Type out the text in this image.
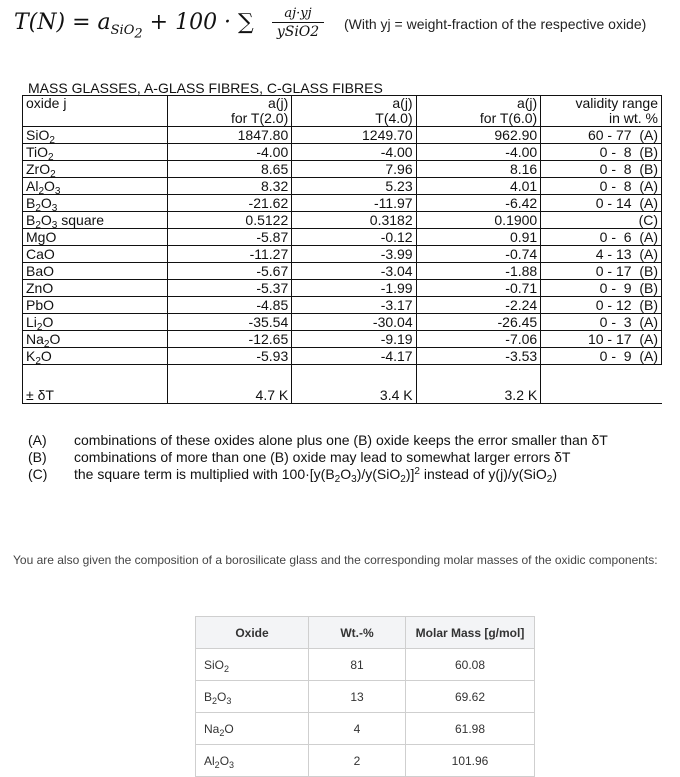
$T(N) = a_{SiO_2} + 100$ · ∑	aj·yj
ySiO2	(With yj = weight-fraction of the respective oxide)
MASS GLASSES, A-GLASS FIBRES, C-GLASS FIBRES
oxide j	a(j)	a(j)	a(j)	validity range
	for T(2.0)	T(4.0)	for T(6.0)	in wt. %
SiO$_2$	1847.80	1249.70	962.90	60 - 77  (A)
TiO$_2$	-4.00	-4.00	-4.00	0 -  8  (B)
ZrO$_2$	8.65	7.96	8.16	0 -  8  (B)
$Al_2O_3$	8.32	5.23	4.01	0 -  8  (A)
$B_2O_3$	-21.62	-11.97	-6.42	0 - 14  (A)
$B_2O_3$ square	0.5122	0.3182	0.1900	(C)
MgO	-5.87	-0.12	0.91	0 -  6  (A)
CaO	-11.27	-3.99	-0.74	4 - 13  (A)
BaO	-5.67	-3.04	-1.88	0 - 17  (B)
ZnO	-5.37	-1.99	-0.71	0 -  9  (B)
PbO	-4.85	-3.17	-2.24	0 - 12  (B)
$Li_2O$	-35.54	-30.04	-26.45	0 -  3  (A)
$Na_2O$	-12.65	-9.19	-7.06	10 - 17  (A)
$K_2O$	-5.93	-4.17	-3.53	0 -  9  (A)

± δT	4.7 K	3.4 K	3.2 K	
(A)	combinations of these oxides alone plus one (B) oxide keeps the error smaller than δT
(B)	combinations of more than one (B) oxide may lead to somewhat larger errors δT
(C)	the square term is multiplied with $100\cdot[y(B_2O_3)/y(SiO_2)]^2$ instead of y(j)/y(SiO$_2$)
You are also given the composition of a borosilicate glass and the corresponding molar masses of the oxidic components:
Oxide	Wt.-%	Molar Mass [g/mol]
SiO$_2$	81	60.08
$B_2O_3$	13	69.62
$Na_2O$	4	61.98
$Al_2O_3$	2	101.96
